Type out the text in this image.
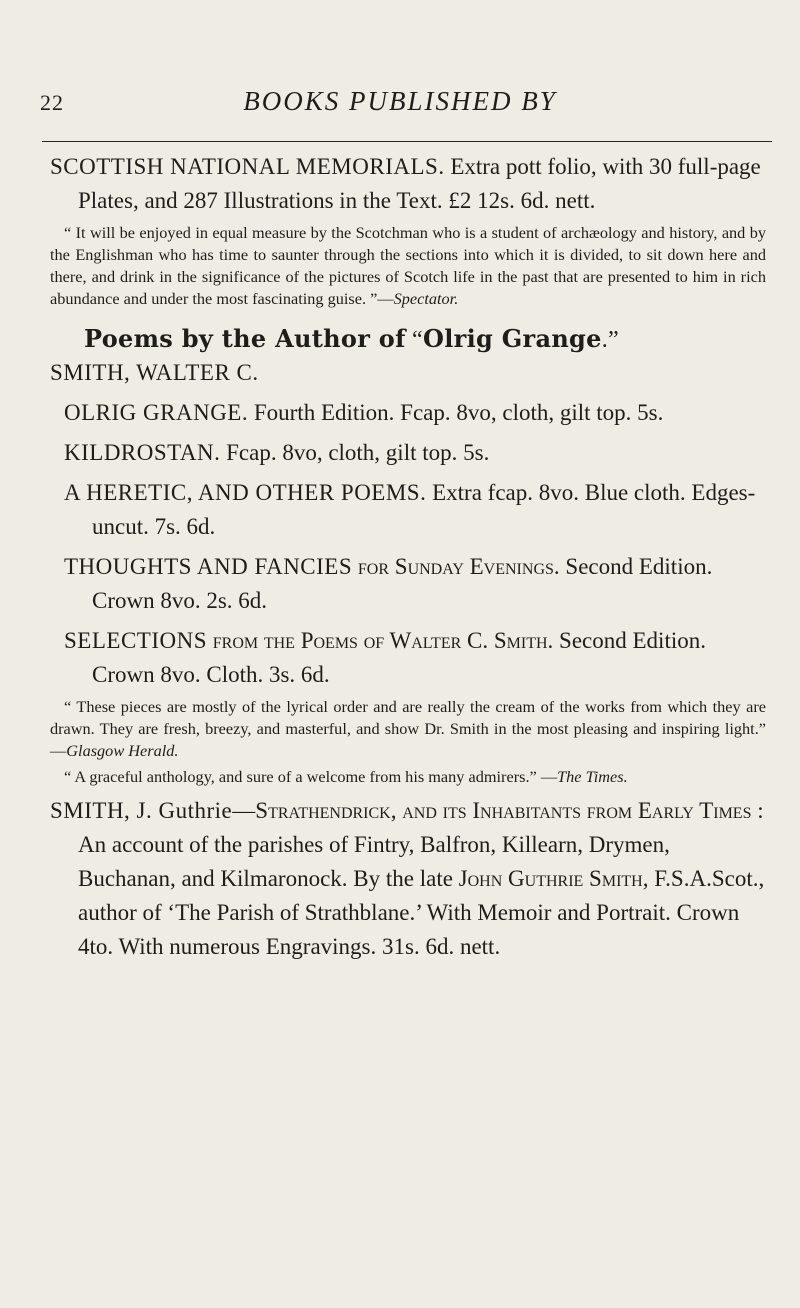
22	BOOKS PUBLISHED BY

SCOTTISH NATIONAL MEMORIALS. Extra pott folio, with 30 full-page Plates, and 287 Illustrations in the Text. £2 12s. 6d. nett.

“ It will be enjoyed in equal measure by the Scotchman who is a student of archæology and history, and by the Englishman who has time to saunter through the sections into which it is divided, to sit down here and there, and drink in the significance of the pictures of Scotch life in the past that are presented to him in rich abundance and under the most fascinating guise. ”—Spectator.

Poems by the Author of “Olrig Grange.”

SMITH, WALTER C.

OLRIG GRANGE. Fourth Edition. Fcap. 8vo, cloth, gilt top. 5s.

KILDROSTAN. Fcap. 8vo, cloth, gilt top. 5s.

A HERETIC, AND OTHER POEMS. Extra fcap. 8vo. Blue cloth. Edges-uncut. 7s. 6d.

THOUGHTS AND FANCIES for Sunday Evenings. Second Edition. Crown 8vo. 2s. 6d.

SELECTIONS from the Poems of Walter C. Smith. Second Edition. Crown 8vo. Cloth. 3s. 6d.

“ These pieces are mostly of the lyrical order and are really the cream of the works from which they are drawn. They are fresh, breezy, and masterful, and show Dr. Smith in the most pleasing and inspiring light.” —Glasgow Herald.

“ A graceful anthology, and sure of a welcome from his many admirers.” —The Times.

SMITH, J. Guthrie—Strathendrick, and its Inhabitants from Early Times : An account of the parishes of Fintry, Balfron, Killearn, Drymen, Buchanan, and Kilmaronock. By the late John Guthrie Smith, F.S.A.Scot., author of ‘The Parish of Strathblane.’ With Memoir and Portrait. Crown 4to. With numerous Engravings. 31s. 6d. nett.
